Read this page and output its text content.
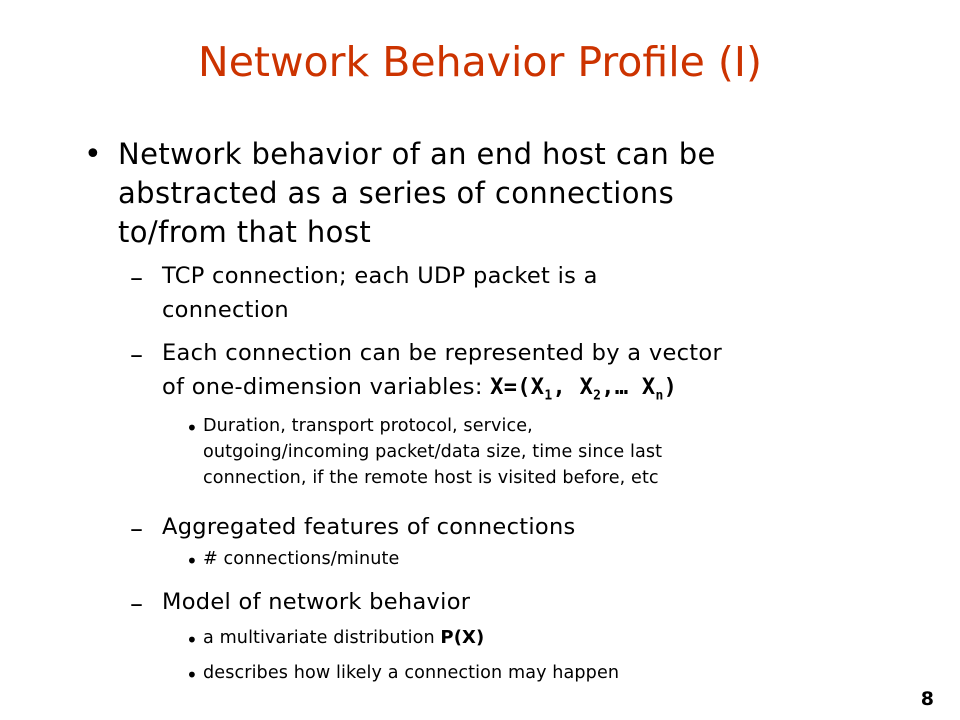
Network Behavior Profile (I)
• Network behavior of an end host can be
abstracted as a series of connections
to/from that host
– TCP connection; each UDP packet is a
connection
– Each connection can be represented by a vector
of one-dimension variables: $X=(X_1$, $X_2,\dots$ $X_n$)
• Duration, transport protocol, service,
outgoing/incoming packet/data size, time since last
connection, if the remote host is visited before, etc
– Aggregated features of connections
• # connections/minute
– Model of network behavior
• a multivariate distribution P(X)
• describes how likely a connection may happen
8
